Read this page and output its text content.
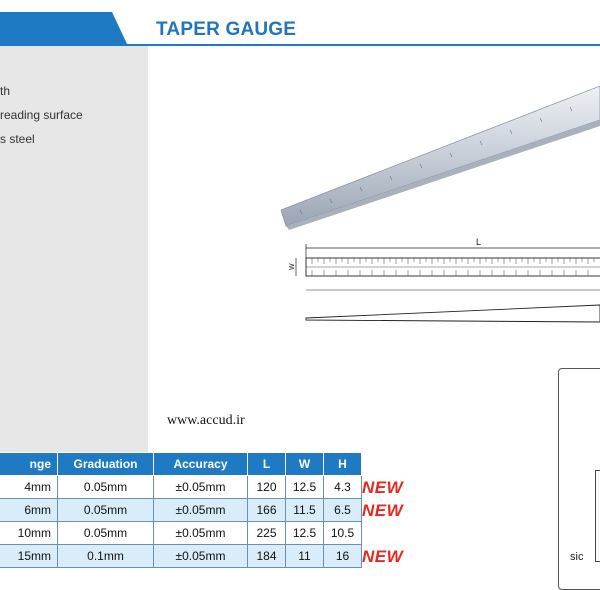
TAPER GAUGE
th
reading surface
s steel
L
W
sic
www.accud.ir
nge	Graduation	Accuracy	L	W	H
4mm	0.05mm	±0.05mm	120	12.5	4.3
6mm	0.05mm	±0.05mm	166	11.5	6.5
10mm	0.05mm	±0.05mm	225	12.5	10.5
15mm	0.1mm	±0.05mm	184	11	16
NEW
NEW
NEW
